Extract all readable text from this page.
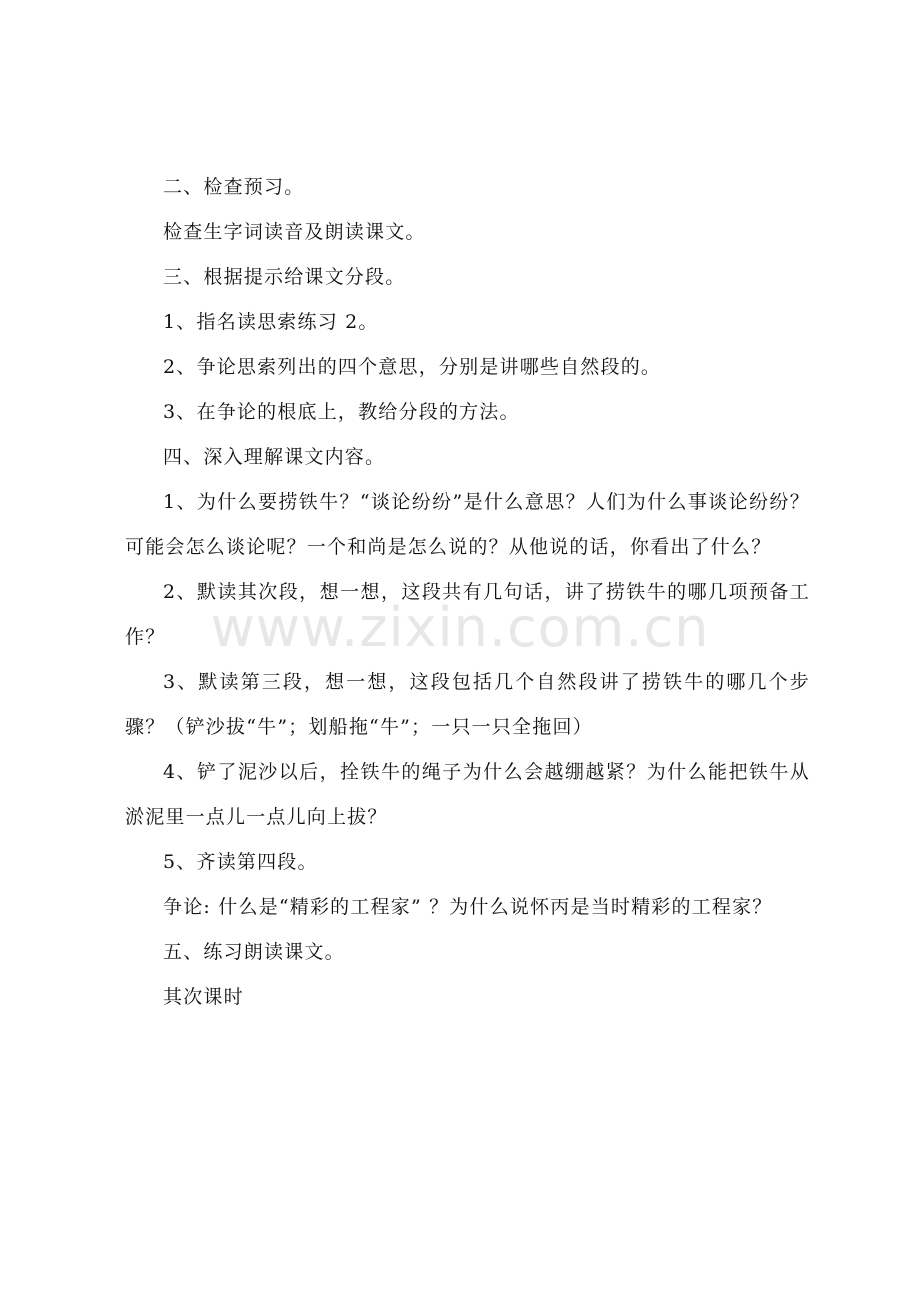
二、检查预习。

检查生字词读音及朗读课文。

三、根据提示给课文分段。

1、指名读思索练习 2。

2、争论思索列出的四个意思，分别是讲哪些自然段的。

3、在争论的根底上，教给分段的方法。

四、深入理解课文内容。

1、为什么要捞铁牛？“谈论纷纷”是什么意思？人们为什么事谈论纷纷？可能会怎么谈论呢？一个和尚是怎么说的？从他说的话，你看出了什么？

2、默读其次段，想一想，这段共有几句话，讲了捞铁牛的哪几项预备工作？

3、默读第三段，想一想，这段包括几个自然段讲了捞铁牛的哪几个步骤？（铲沙拔“牛”；划船拖“牛”；一只一只全拖回）

4、铲了泥沙以后，拴铁牛的绳子为什么会越绷越紧？为什么能把铁牛从淤泥里一点儿一点儿向上拔？

5、齐读第四段。

争论: 什么是“精彩的工程家” ？为什么说怀丙是当时精彩的工程家？

五、练习朗读课文。

其次课时

www.zixin.com.cn
